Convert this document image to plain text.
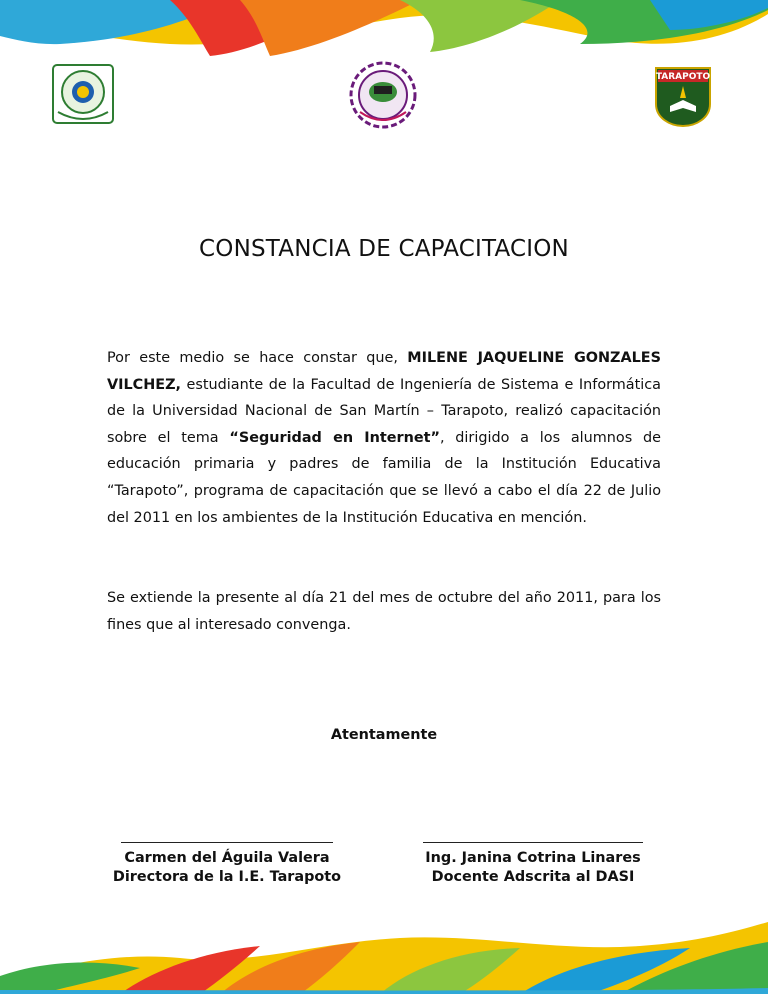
TARAPOTO
CONSTANCIA DE CAPACITACION

Por este medio se hace constar que, MILENE JAQUELINE GONZALES VILCHEZ, estudiante de la Facultad de Ingeniería de Sistema e Informática de la Universidad Nacional de San Martín – Tarapoto, realizó capacitación sobre el tema “Seguridad en Internet”, dirigido a los alumnos de educación primaria y padres de familia de la Institución Educativa “Tarapoto”, programa de capacitación que se llevó a cabo el día 22 de Julio del 2011 en los ambientes de la Institución Educativa en mención.

Se extiende la presente al día 21 del mes de octubre del año 2011, para los fines que al interesado convenga.

Atentamente

Carmen del Águila Valera
Directora de la I.E. Tarapoto
Ing. Janina Cotrina Linares
Docente Adscrita al DASI
